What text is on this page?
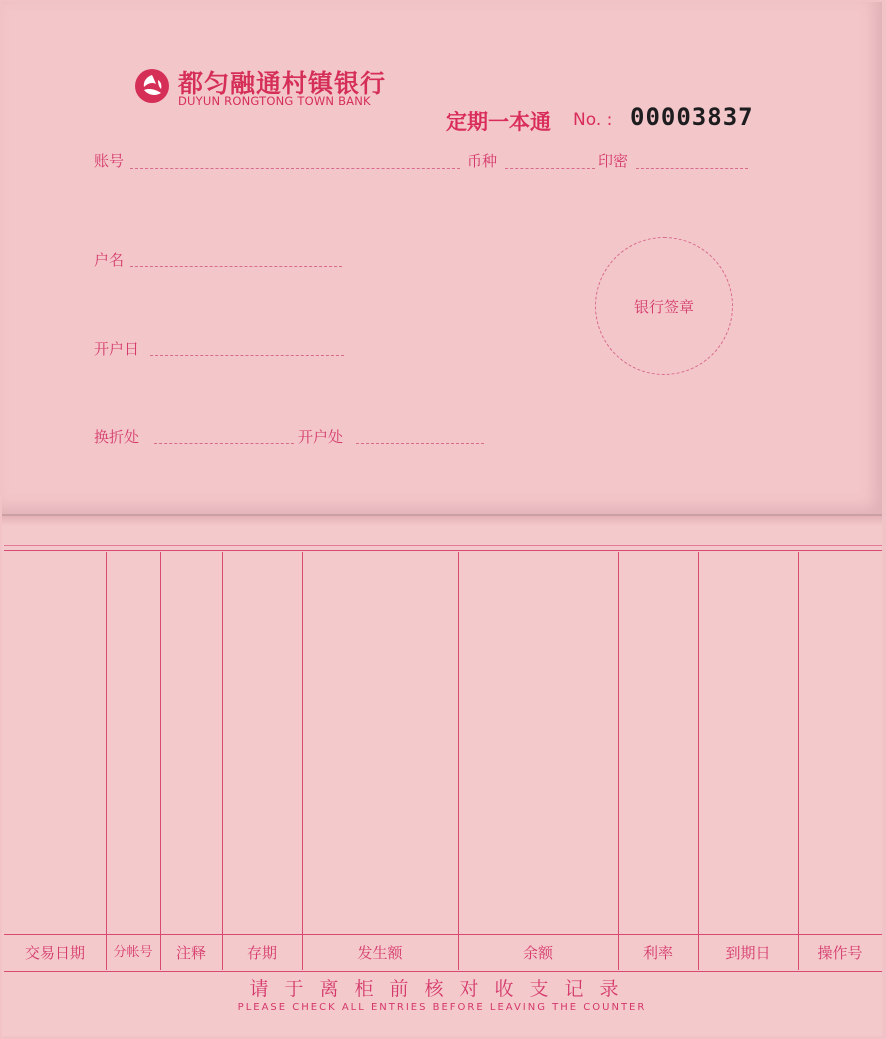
都匀融通村镇银行
DUYUN RONGTONG TOWN BANK
定期一本通 No. : 00003837
账号	币种	印密
户名
开户日
换折处	开户处
银行签章
交易日期	分帐号	注释	存期	发生额	余额	利率	到期日	操作号
请于离柜前核对收支记录
PLEASE CHECK ALL ENTRIES BEFORE LEAVING THE COUNTER
